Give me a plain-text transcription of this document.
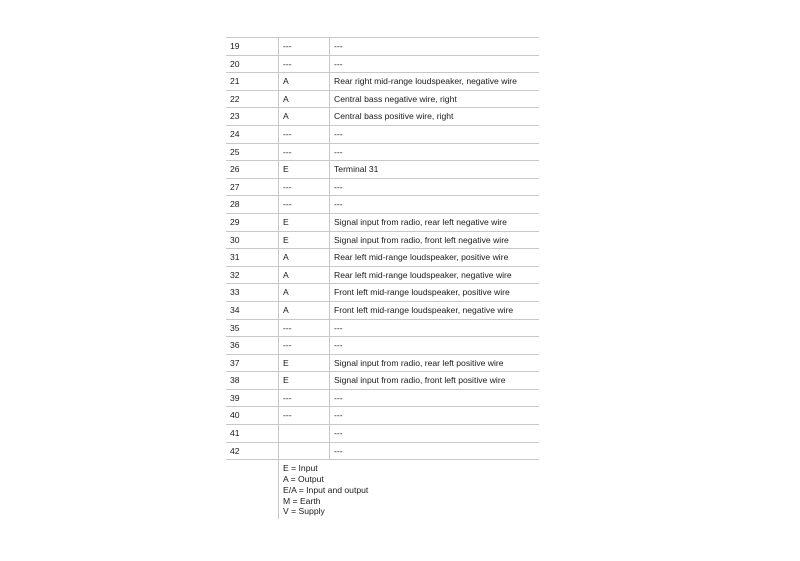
19	---	---
20	---	---
21	A	Rear right mid-range loudspeaker, negative wire
22	A	Central bass negative wire, right
23	A	Central bass positive wire, right
24	---	---
25	---	---
26	E	Terminal 31
27	---	---
28	---	---
29	E	Signal input from radio, rear left negative wire
30	E	Signal input from radio, front left negative wire
31	A	Rear left mid-range loudspeaker, positive wire
32	A	Rear left mid-range loudspeaker, negative wire
33	A	Front left mid-range loudspeaker, positive wire
34	A	Front left mid-range loudspeaker, negative wire
35	---	---
36	---	---
37	E	Signal input from radio, rear left positive wire
38	E	Signal input from radio, front left positive wire
39	---	---
40	---	---
41		---
42		---

	E = Input
A = Output
E/A = Input and output
M = Earth
V = Supply	
